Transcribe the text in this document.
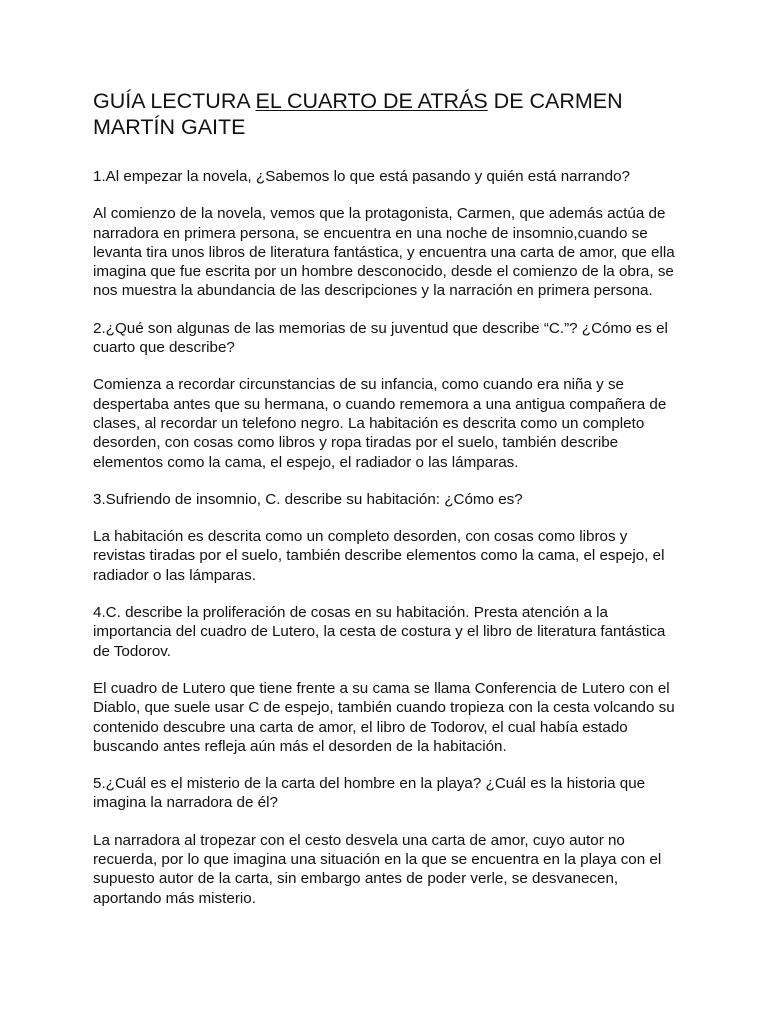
GUÍA LECTURA EL CUARTO DE ATRÁS DE CARMEN MARTÍN GAITE

1.Al empezar la novela, ¿Sabemos lo que está pasando y quién está narrando?

Al comienzo de la novela, vemos que la protagonista, Carmen, que además actúa de narradora en primera persona, se encuentra en una noche de insomnio,cuando se levanta tira unos libros de literatura fantástica, y encuentra una carta de amor, que ella imagina que fue escrita por un hombre desconocido, desde el comienzo de la obra, se nos muestra la abundancia de las descripciones y la narración en primera persona.

2.¿Qué son algunas de las memorias de su juventud que describe “C.”? ¿Cómo es el cuarto que describe?

Comienza a recordar circunstancias de su infancia, como cuando era niña y se despertaba antes que su hermana, o cuando rememora a una antigua compañera de clases, al recordar un telefono negro. La habitación es descrita como un completo desorden, con cosas como libros y ropa tiradas por el suelo, también describe elementos como la cama, el espejo, el radiador o las lámparas.

3.Sufriendo de insomnio, C. describe su habitación: ¿Cómo es?

La habitación es descrita como un completo desorden, con cosas como libros y revistas tiradas por el suelo, también describe elementos como la cama, el espejo, el radiador o las lámparas.

4.C. describe la proliferación de cosas en su habitación. Presta atención a la importancia del cuadro de Lutero, la cesta de costura y el libro de literatura fantástica de Todorov.

El cuadro de Lutero que tiene frente a su cama se llama Conferencia de Lutero con el Diablo, que suele usar C de espejo, también cuando tropieza con la cesta volcando su contenido descubre una carta de amor, el libro de Todorov, el cual había estado buscando antes refleja aún más el desorden de la habitación.

5.¿Cuál es el misterio de la carta del hombre en la playa? ¿Cuál es la historia que imagina la narradora de él?

La narradora al tropezar con el cesto desvela una carta de amor, cuyo autor no recuerda, por lo que imagina una situación en la que se encuentra en la playa con el supuesto autor de la carta, sin embargo antes de poder verle, se desvanecen, aportando más misterio.
